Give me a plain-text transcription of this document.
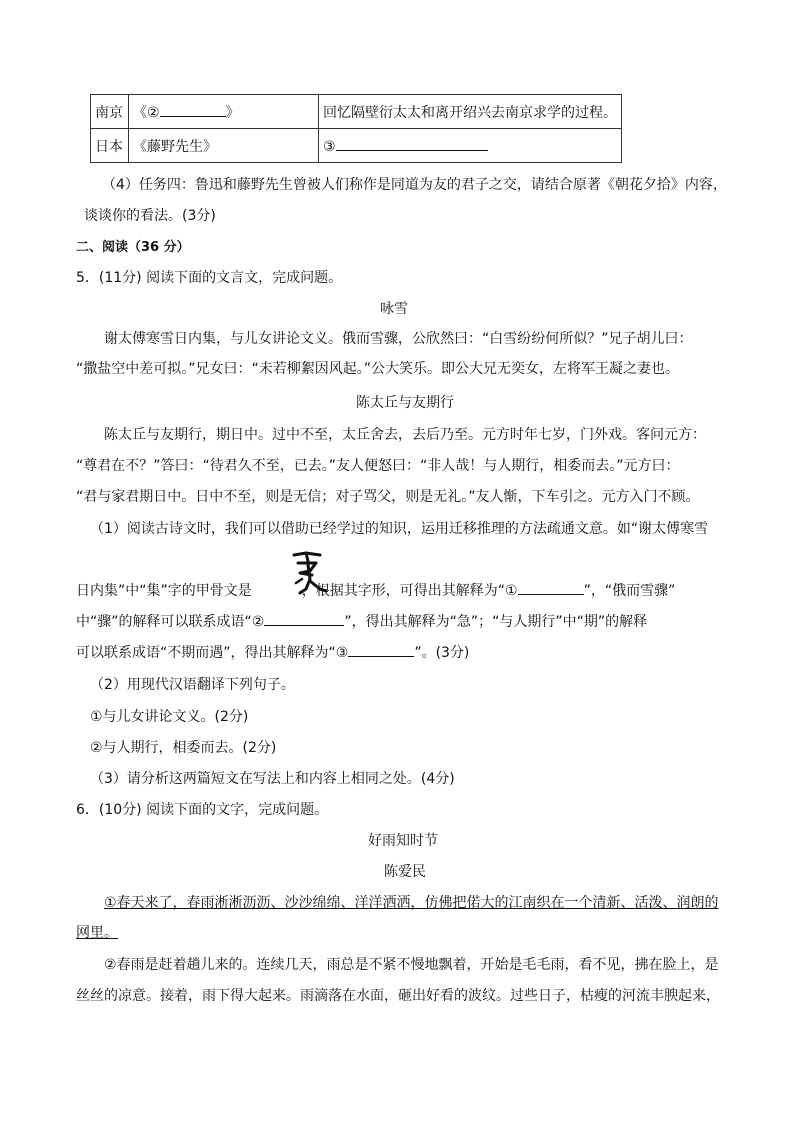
南京	《② 》	回忆隔壁衍太太和离开绍兴去南京求学的过程。
日本	《藤野先生》	③
（4）任务四：鲁迅和藤野先生曾被人们称作是同道为友的君子之交，请结合原著《朝花夕拾》内容，
谈谈你的看法。(3分)
二、阅读（36 分）
5．(11分) 阅读下面的文言文，完成问题。
咏雪
谢太傅寒雪日内集，与儿女讲论文义。俄而雪骤，公欣然曰：“白雪纷纷何所似？”兄子胡儿曰：
“撒盐空中差可拟。”兄女曰：“未若柳絮因风起。”公大笑乐。即公大兄无奕女，左将军王凝之妻也。
陈太丘与友期行
陈太丘与友期行，期日中。过中不至，太丘舍去，去后乃至。元方时年七岁，门外戏。客问元方：
“尊君在不？”答曰：“待君久不至，已去。”友人便怒曰：“非人哉！与人期行，相委而去。”元方曰：
“君与家君期日中。日中不至，则是无信；对子骂父，则是无礼。”友人惭，下车引之。元方入门不顾。
（1）阅读古诗文时，我们可以借助已经学过的知识，运用迁移推理的方法疏通文意。如“谢太傅寒雪
日内集”中“集”字的甲骨文是	，根据其字形，可得出其解释为“①	”，“俄而雪骤”
中“骤”的解释可以联系成语“②	”，得出其解释为“急”；“与人期行”中“期”的解释
可以联系成语“不期而遇”，得出其解释为“③	”。(3分)
（2）用现代汉语翻译下列句子。
①与儿女讲论文义。(2分)
②与人期行，相委而去。(2分)
（3）请分析这两篇短文在写法上和内容上相同之处。(4分)
6．(10分) 阅读下面的文字，完成问题。
好雨知时节
陈爱民
①春天来了，春雨淅淅沥沥、沙沙绵绵、洋洋洒洒，仿佛把偌大的江南织在一个清新、活泼、润朗的
网里。
②春雨是赶着趟儿来的。连续几天，雨总是不紧不慢地飘着，开始是毛毛雨，看不见，拂在脸上，是
丝丝的凉意。接着，雨下得大起来。雨滴落在水面，砸出好看的波纹。过些日子，枯瘦的河流丰腴起来，
